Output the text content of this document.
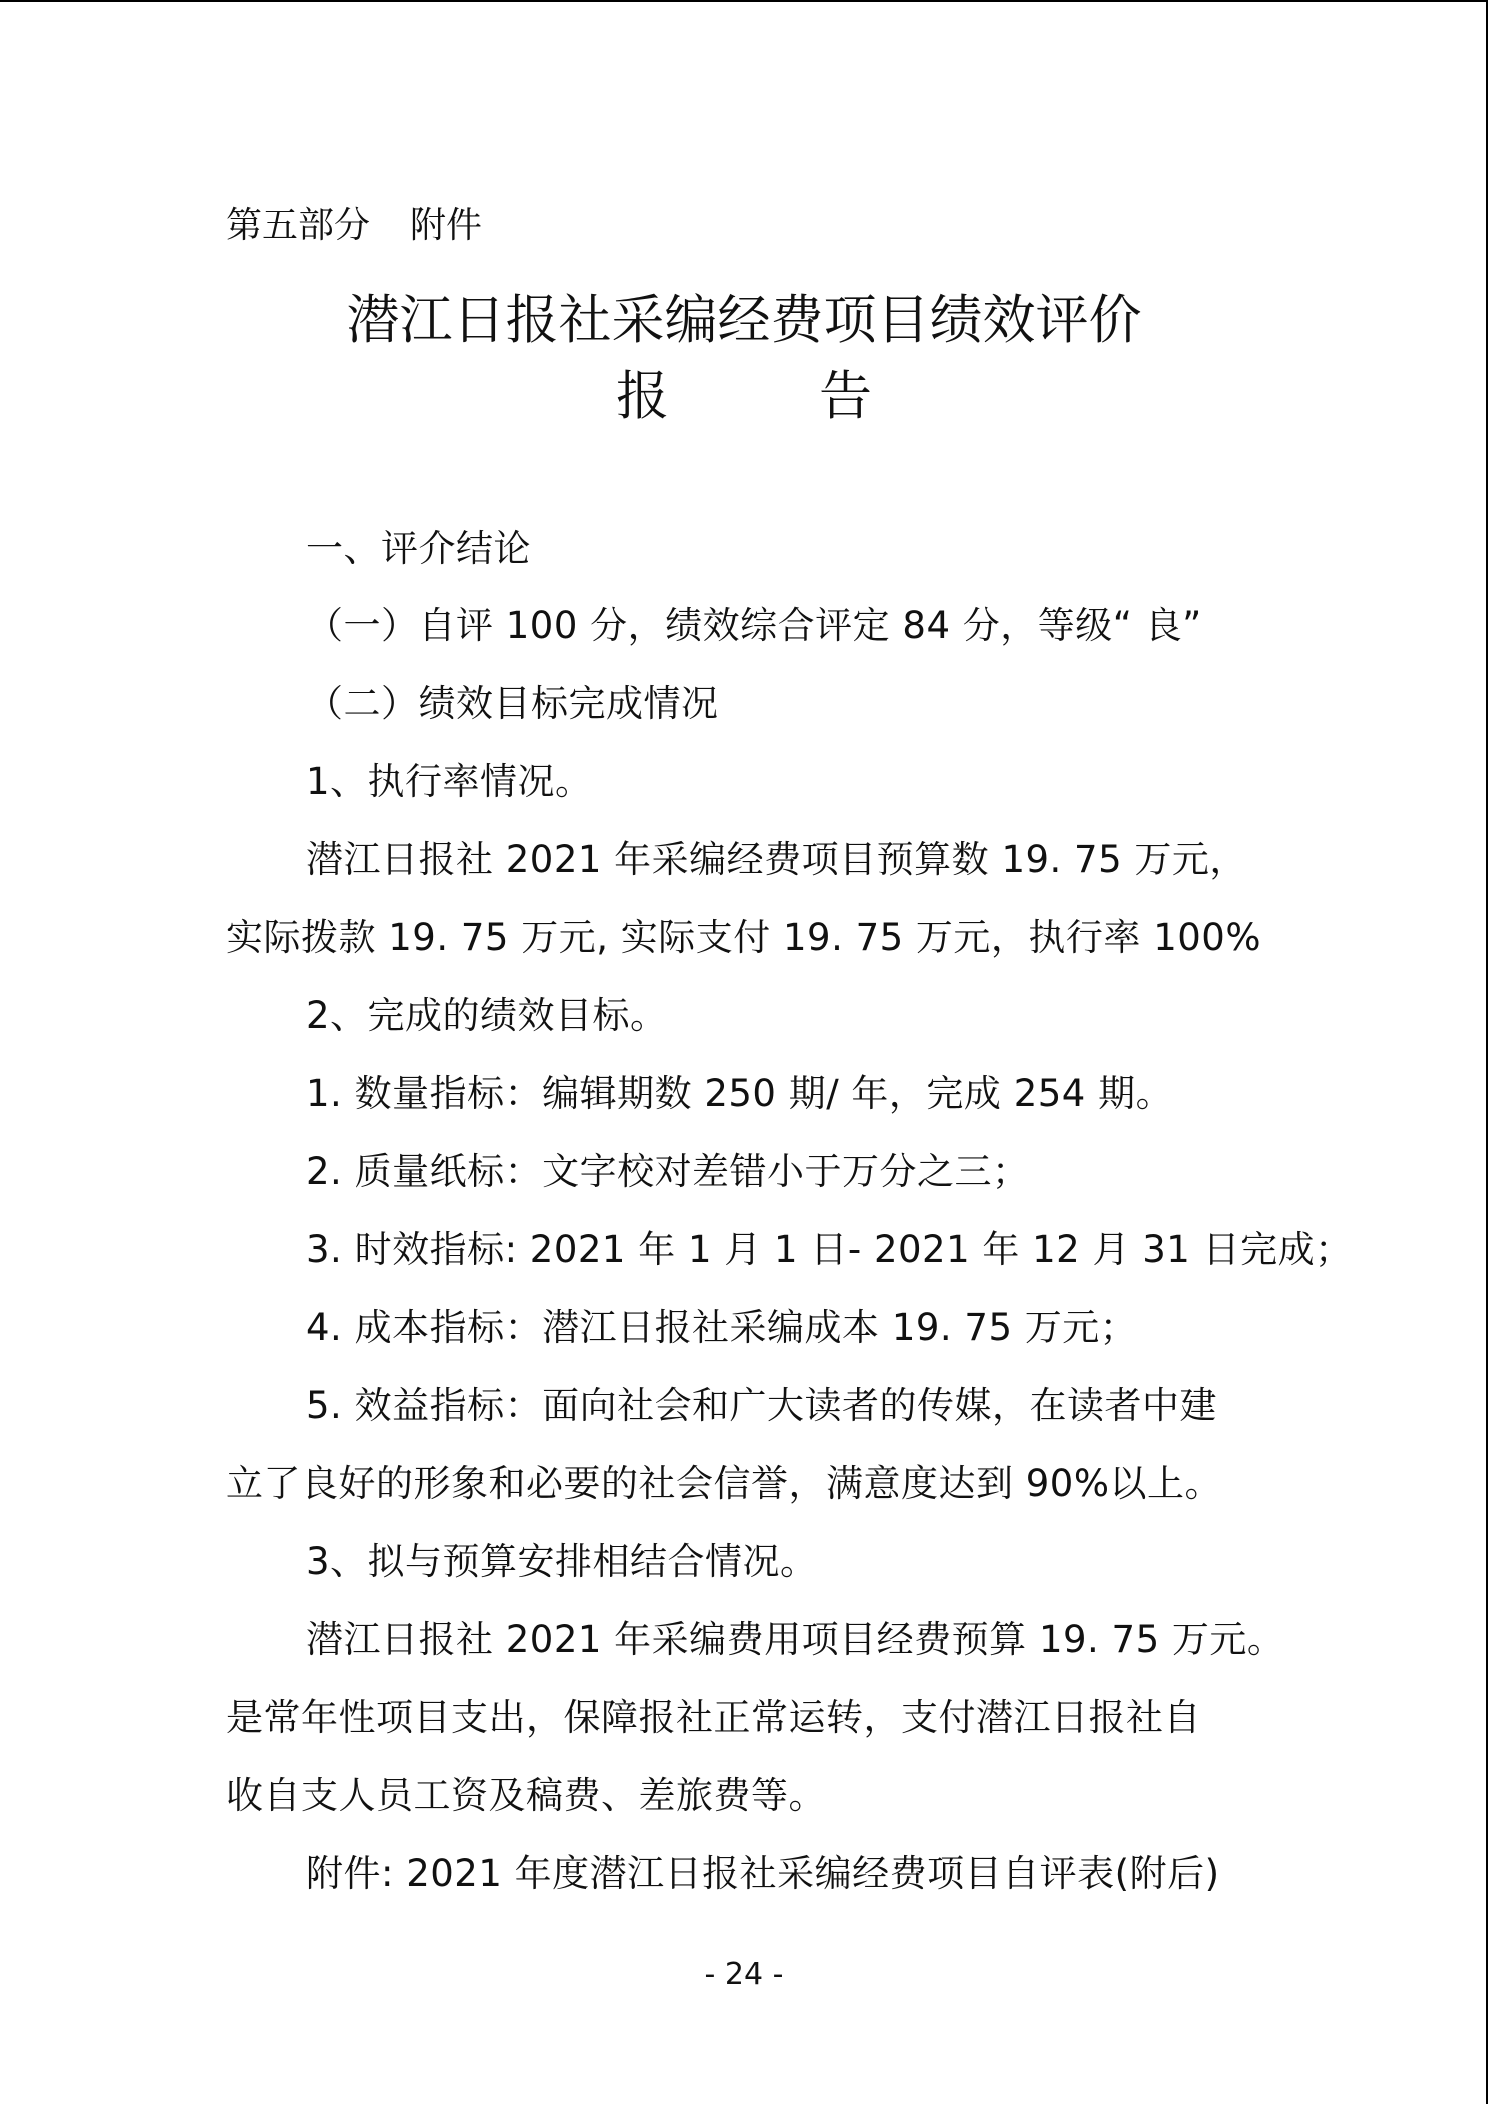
第五部分 附件
潜江日报社采编经费项目绩效评价
报告
一、评介结论
（一）自评 100 分，绩效综合评定 84 分，等级“ 良”
（二）绩效目标完成情况
1、执行率情况。
潜江日报社 2021 年采编经费项目预算数 19. 75 万元，
实际拨款 19. 75 万元, 实际支付 19. 75 万元，执行率 100%
2、完成的绩效目标。
1. 数量指标：编辑期数 250 期/ 年，完成 254 期。
2. 质量纸标：文字校对差错小于万分之三；
3. 时效指标: 2021 年 1 月 1 日- 2021 年 12 月 31 日完成；
4. 成本指标：潜江日报社采编成本 19. 75 万元；
5. 效益指标：面向社会和广大读者的传媒，在读者中建
立了良好的形象和必要的社会信誉，满意度达到 90%以上。
3、拟与预算安排相结合情况。
潜江日报社 2021 年采编费用项目经费预算 19. 75 万元。
是常年性项目支出，保障报社正常运转，支付潜江日报社自
收自支人员工资及稿费、差旅费等。
附件: 2021 年度潜江日报社采编经费项目自评表(附后)
- 24 -
